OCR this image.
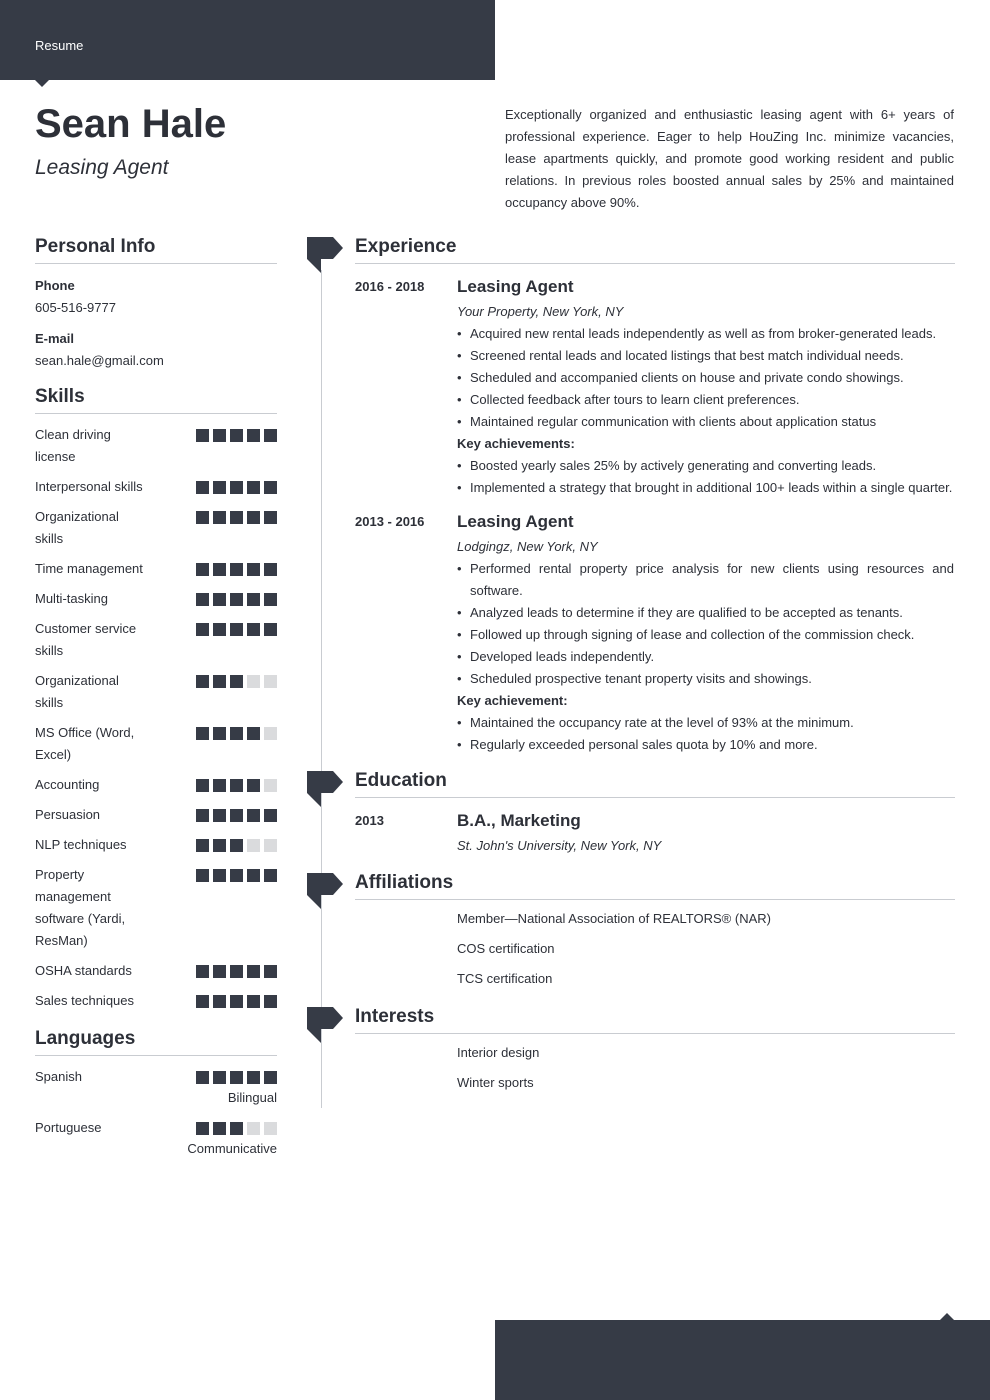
Resume
Sean Hale
Leasing Agent

Exceptionally organized and enthusiastic leasing agent with 6+ years of professional experience. Eager to help HouZing Inc. minimize vacancies, lease apartments quickly, and promote good working resident and public relations. In previous roles boosted annual sales by 25% and maintained occupancy above 90%.

Personal Info
Phone
605-516-9777
E-mail
sean.hale@gmail.com
Skills
Clean driving license
Interpersonal skills
Organizational skills
Time management
Multi-tasking
Customer service skills
Organizational skills
MS Office (Word, Excel)
Accounting
Persuasion
NLP techniques
Property management software (Yardi, ResMan)
OSHA standards
Sales techniques
Languages
Spanish
Bilingual
Portuguese
Communicative
Experience
2016 - 2018	Leasing Agent
Your Property, New York, NY
• Acquired new rental leads independently as well as from broker-generated leads.
• Screened rental leads and located listings that best match individual needs.
• Scheduled and accompanied clients on house and private condo showings.
• Collected feedback after tours to learn client preferences.
• Maintained regular communication with clients about application status
Key achievements:
• Boosted yearly sales 25% by actively generating and converting leads.
• Implemented a strategy that brought in additional 100+ leads within a single quarter.
2013 - 2016	Leasing Agent
Lodgingz, New York, NY
• Performed rental property price analysis for new clients using resources and software.
• Analyzed leads to determine if they are qualified to be accepted as tenants.
• Followed up through signing of lease and collection of the commission check.
• Developed leads independently.
• Scheduled prospective tenant property visits and showings.
Key achievement:
• Maintained the occupancy rate at the level of 93% at the minimum.
• Regularly exceeded personal sales quota by 10% and more.
Education
2013	B.A., Marketing
St. John's University, New York, NY
Affiliations
Member—National Association of REALTORS® (NAR)
COS certification
TCS certification
Interests
Interior design
Winter sports
